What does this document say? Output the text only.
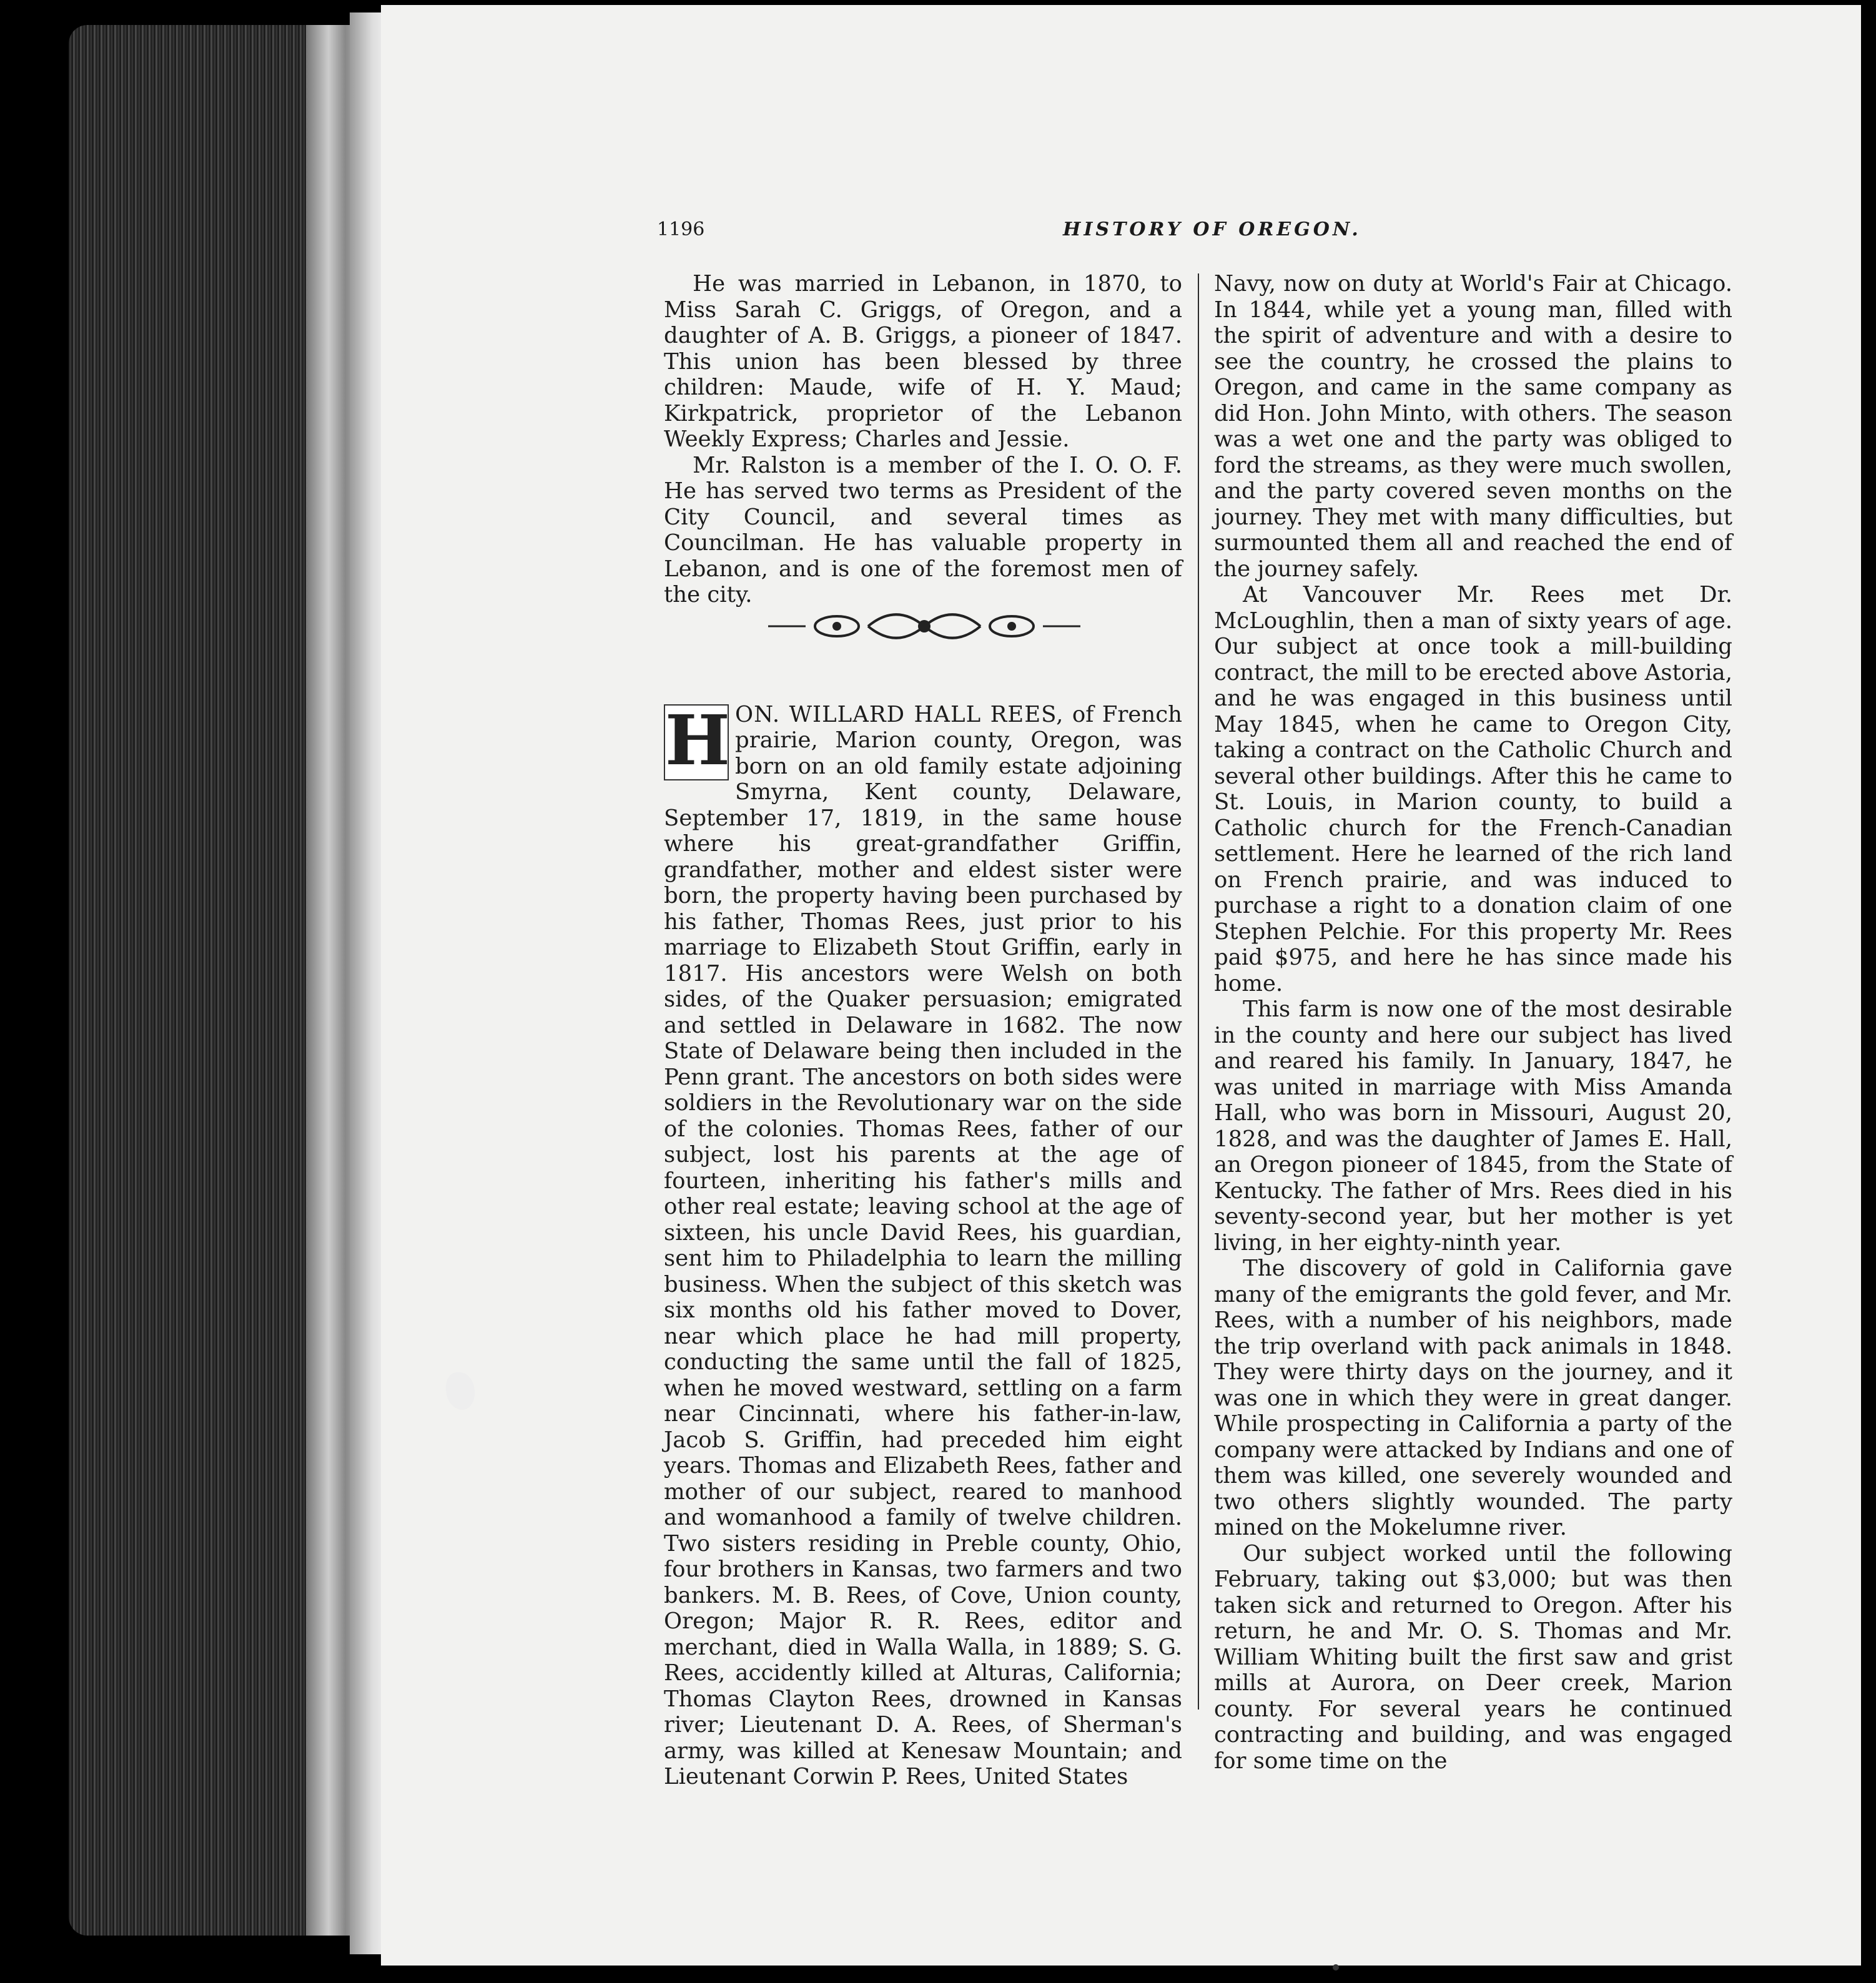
1196	HISTORY OF OREGON.

He was married in Lebanon, in 1870, to Miss Sarah C. Griggs, of Oregon, and a daughter of A. B. Griggs, a pioneer of 1847. This union has been blessed by three children: Maude, wife of H. Y. Maud; Kirkpatrick, proprietor of the Lebanon Weekly Express; Charles and Jessie.

Mr. Ralston is a member of the I. O. O. F. He has served two terms as President of the City Council, and several times as Councilman. He has valuable property in Lebanon, and is one of the foremost men of the city.

H ON. WILLARD HALL REES, of French prairie, Marion county, Oregon, was born on an old family estate adjoining Smyrna, Kent county, Delaware, September 17, 1819, in the same house where his great-grandfather Griffin, grandfather, mother and eldest sister were born, the property having been purchased by his father, Thomas Rees, just prior to his marriage to Elizabeth Stout Griffin, early in 1817. His ancestors were Welsh on both sides, of the Quaker persuasion; emigrated and settled in Delaware in 1682. The now State of Delaware being then included in the Penn grant. The ancestors on both sides were soldiers in the Revolutionary war on the side of the colonies. Thomas Rees, father of our subject, lost his parents at the age of fourteen, inheriting his father's mills and other real estate; leaving school at the age of sixteen, his uncle David Rees, his guardian, sent him to Philadelphia to learn the milling business. When the subject of this sketch was six months old his father moved to Dover, near which place he had mill property, conducting the same until the fall of 1825, when he moved westward, settling on a farm near Cincinnati, where his father-in-law, Jacob S. Griffin, had preceded him eight years. Thomas and Elizabeth Rees, father and mother of our subject, reared to manhood and womanhood a family of twelve children. Two sisters residing in Preble county, Ohio, four brothers in Kansas, two farmers and two bankers. M. B. Rees, of Cove, Union county, Oregon; Major R. R. Rees, editor and merchant, died in Walla Walla, in 1889; S. G. Rees, accidently killed at Alturas, California; Thomas Clayton Rees, drowned in Kansas river; Lieutenant D. A. Rees, of Sherman's army, was killed at Kenesaw Mountain; and Lieutenant Corwin P. Rees, United States

Navy, now on duty at World's Fair at Chicago. In 1844, while yet a young man, filled with the spirit of adventure and with a desire to see the country, he crossed the plains to Oregon, and came in the same company as did Hon. John Minto, with others. The season was a wet one and the party was obliged to ford the streams, as they were much swollen, and the party covered seven months on the journey. They met with many difficulties, but surmounted them all and reached the end of the journey safely.

At Vancouver Mr. Rees met Dr. McLoughlin, then a man of sixty years of age. Our subject at once took a mill-building contract, the mill to be erected above Astoria, and he was engaged in this business until May 1845, when he came to Oregon City, taking a contract on the Catholic Church and several other buildings. After this he came to St. Louis, in Marion county, to build a Catholic church for the French-Canadian settlement. Here he learned of the rich land on French prairie, and was induced to purchase a right to a donation claim of one Stephen Pelchie. For this property Mr. Rees paid $975, and here he has since made his home.

This farm is now one of the most desirable in the county and here our subject has lived and reared his family. In January, 1847, he was united in marriage with Miss Amanda Hall, who was born in Missouri, August 20, 1828, and was the daughter of James E. Hall, an Oregon pioneer of 1845, from the State of Kentucky. The father of Mrs. Rees died in his seventy-second year, but her mother is yet living, in her eighty-ninth year.

The discovery of gold in California gave many of the emigrants the gold fever, and Mr. Rees, with a number of his neighbors, made the trip overland with pack animals in 1848. They were thirty days on the journey, and it was one in which they were in great danger. While prospecting in California a party of the company were attacked by Indians and one of them was killed, one severely wounded and two others slightly wounded. The party mined on the Mokelumne river.

Our subject worked until the following February, taking out $3,000; but was then taken sick and returned to Oregon. After his return, he and Mr. O. S. Thomas and Mr. William Whiting built the first saw and grist mills at Aurora, on Deer creek, Marion county. For several years he continued contracting and building, and was engaged for some time on the
